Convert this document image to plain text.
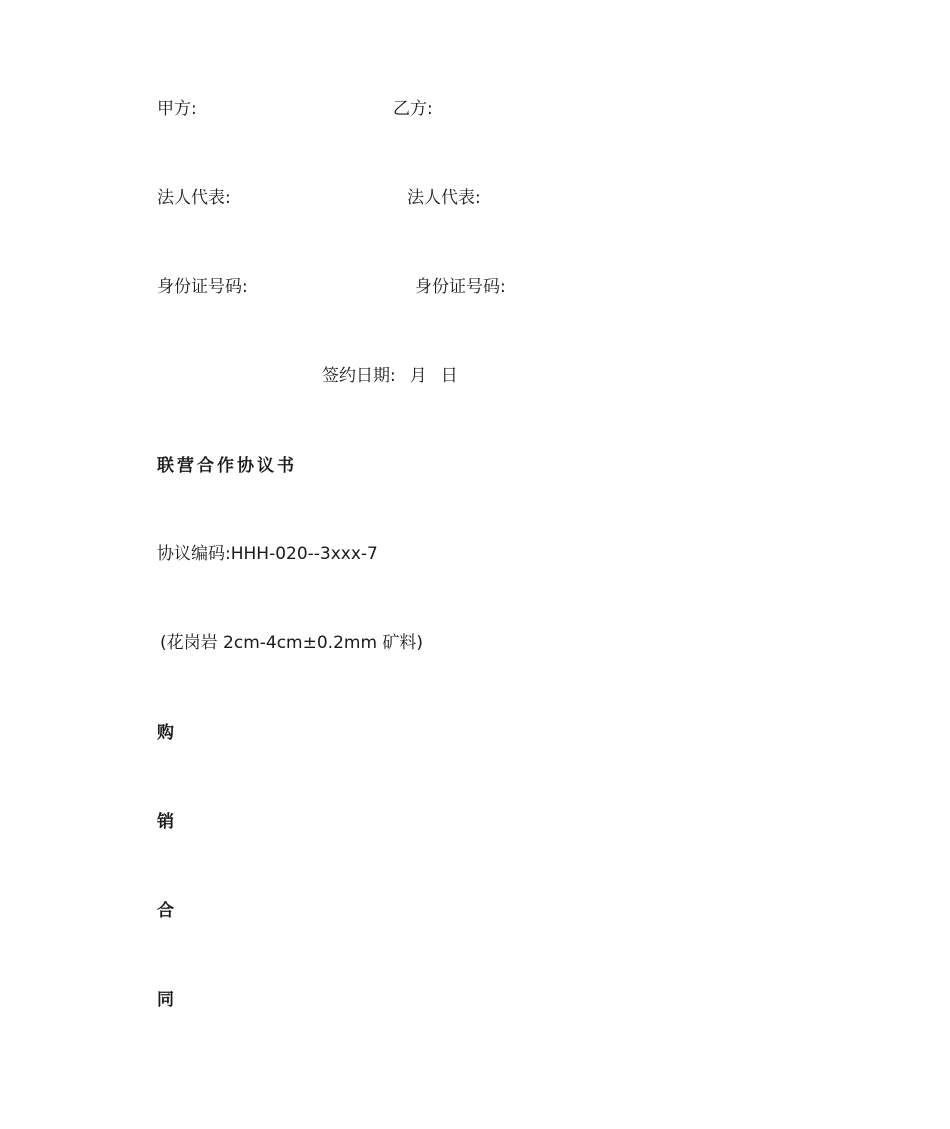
甲方:	乙方:
法人代表:	法人代表:
身份证号码:	身份证号码:
签约日期: 月 日
联营合作协议书
协议编码:HHH-020--3xxx-7
(花岗岩 2cm-4cm±0.2mm 矿料)
购
销
合
同
